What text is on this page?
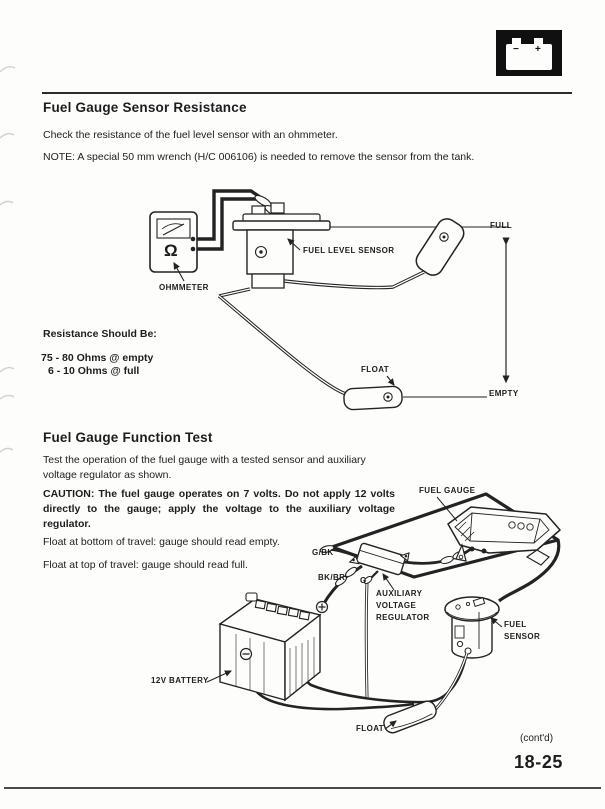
− +
Fuel Gauge Sensor Resistance

Check the resistance of the fuel level sensor with an ohmmeter.

NOTE: A special 50 mm wrench (H/C 006106) is needed to remove the sensor from the tank.

Resistance Should Be:
75 - 80 Ohms @ empty
6 - 10 Ohms @ full
Ω
OHMMETER
FUEL LEVEL SENSOR
FULL
EMPTY
FLOAT
Fuel Gauge Function Test

Test the operation of the fuel gauge with a tested sensor and auxiliary voltage regulator as shown.

CAUTION: The fuel gauge operates on 7 volts. Do not apply 12 volts directly to the gauge; apply the voltage to the auxiliary voltage regulator.

Float at bottom of travel: gauge should read empty.

Float at top of travel: gauge should read full.

FUEL GAUGE
G/BK
BK/BR G
AUXILIARY
VOLTAGE
REGULATOR
12V BATTERY
FUEL
SENSOR
FLOAT
(cont'd)
18-25
